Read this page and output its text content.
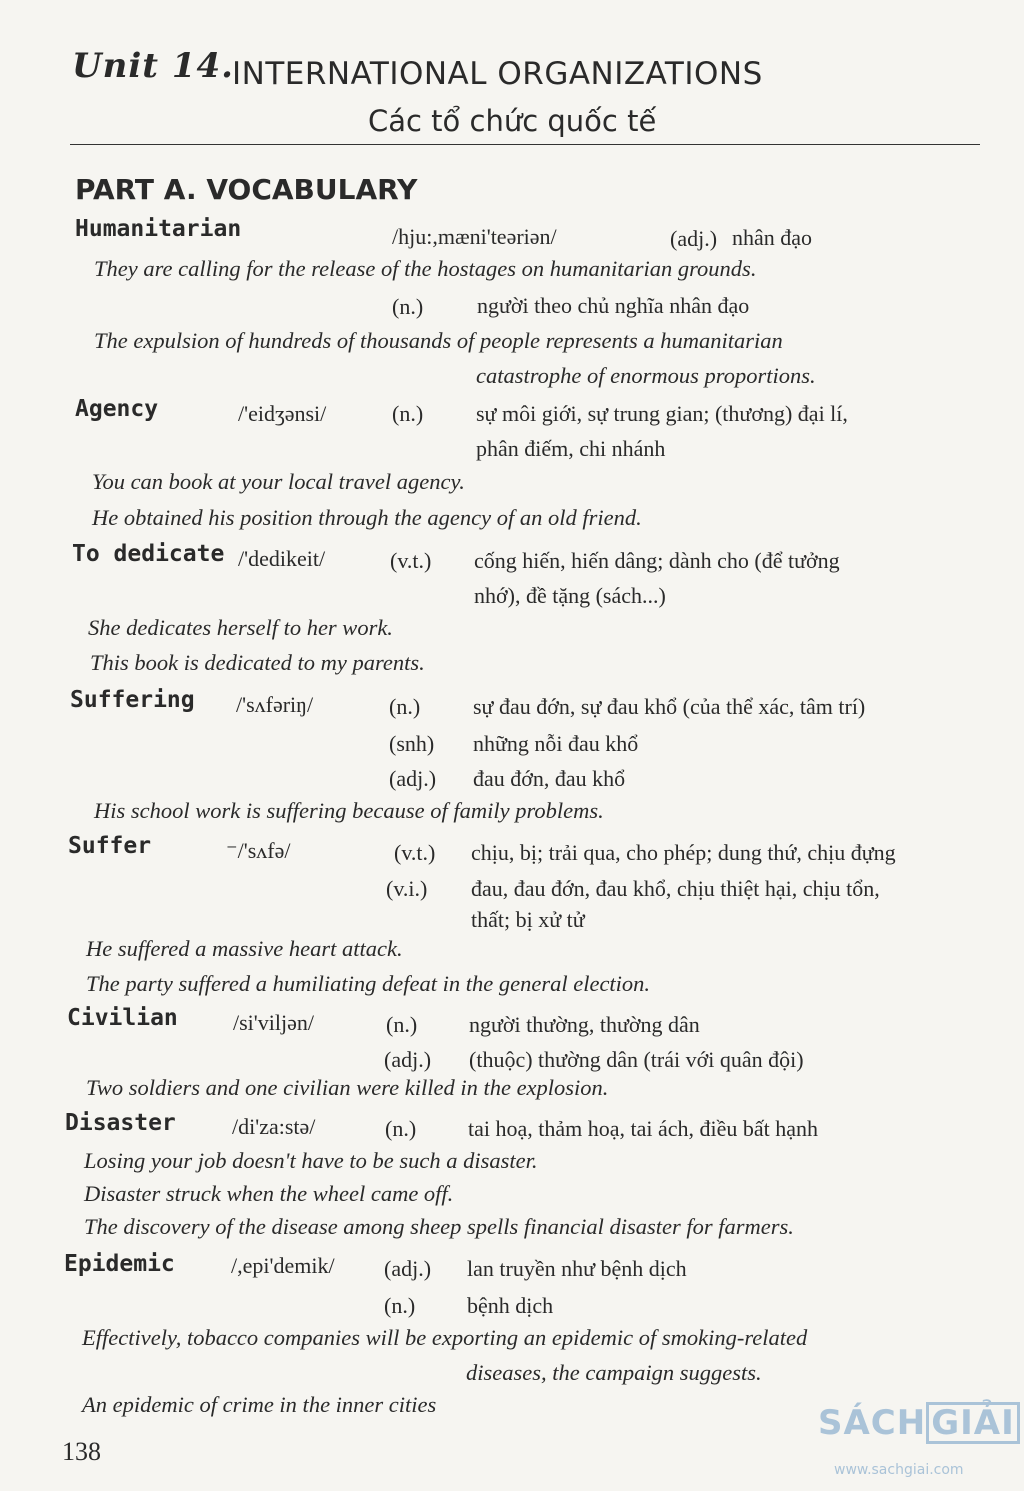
Unit 14.
INTERNATIONAL ORGANIZATIONS
Các tổ chức quốc tế
PART A. VOCABULARY
Humanitarian	/hju:,mæni'teəriən/	(adj.) nhân đạo
They are calling for the release of the hostages on humanitarian grounds.
(n.) người theo chủ nghĩa nhân đạo
The expulsion of hundreds of thousands of people represents a humanitarian
catastrophe of enormous proportions.
Agency	/'eidʒənsi/	(n.) sự môi giới, sự trung gian; (thương) đại lí,
phân điếm, chi nhánh
You can book at your local travel agency.
He obtained his position through the agency of an old friend.
To dedicate /'dedikeit/	(v.t.) cống hiến, hiến dâng; dành cho (để tưởng
nhớ), đề tặng (sách...)
She dedicates herself to her work.
This book is dedicated to my parents.
Suffering /'sʌfəriŋ/	(n.) sự đau đớn, sự đau khổ (của thể xác, tâm trí)
(snh) những nỗi đau khổ
(adj.) đau đớn, đau khổ
His school work is suffering because of family problems.
Suffer	⁻/'sʌfə/	(v.t.) chịu, bị; trải qua, cho phép; dung thứ, chịu đựng
(v.i.) đau, đau đớn, đau khổ, chịu thiệt hại, chịu tổn,
thất; bị xử tử
He suffered a massive heart attack.
The party suffered a humiliating defeat in the general election.
Civilian	/si'viljən/	(n.) người thường, thường dân
(adj.) (thuộc) thường dân (trái với quân đội)
Two soldiers and one civilian were killed in the explosion.
Disaster	/di'za:stə/	(n.) tai hoạ, thảm hoạ, tai ách, điều bất hạnh
Losing your job doesn't have to be such a disaster.
Disaster struck when the wheel came off.
The discovery of the disease among sheep spells financial disaster for farmers.
Epidemic	/,epi'demik/ (adj.) lan truyền như bệnh dịch
(n.) bệnh dịch
Effectively, tobacco companies will be exporting an epidemic of smoking-related
diseases, the campaign suggests.
An epidemic of crime in the inner cities
138
SÁCH GIẢI
www.sachgiai.com
